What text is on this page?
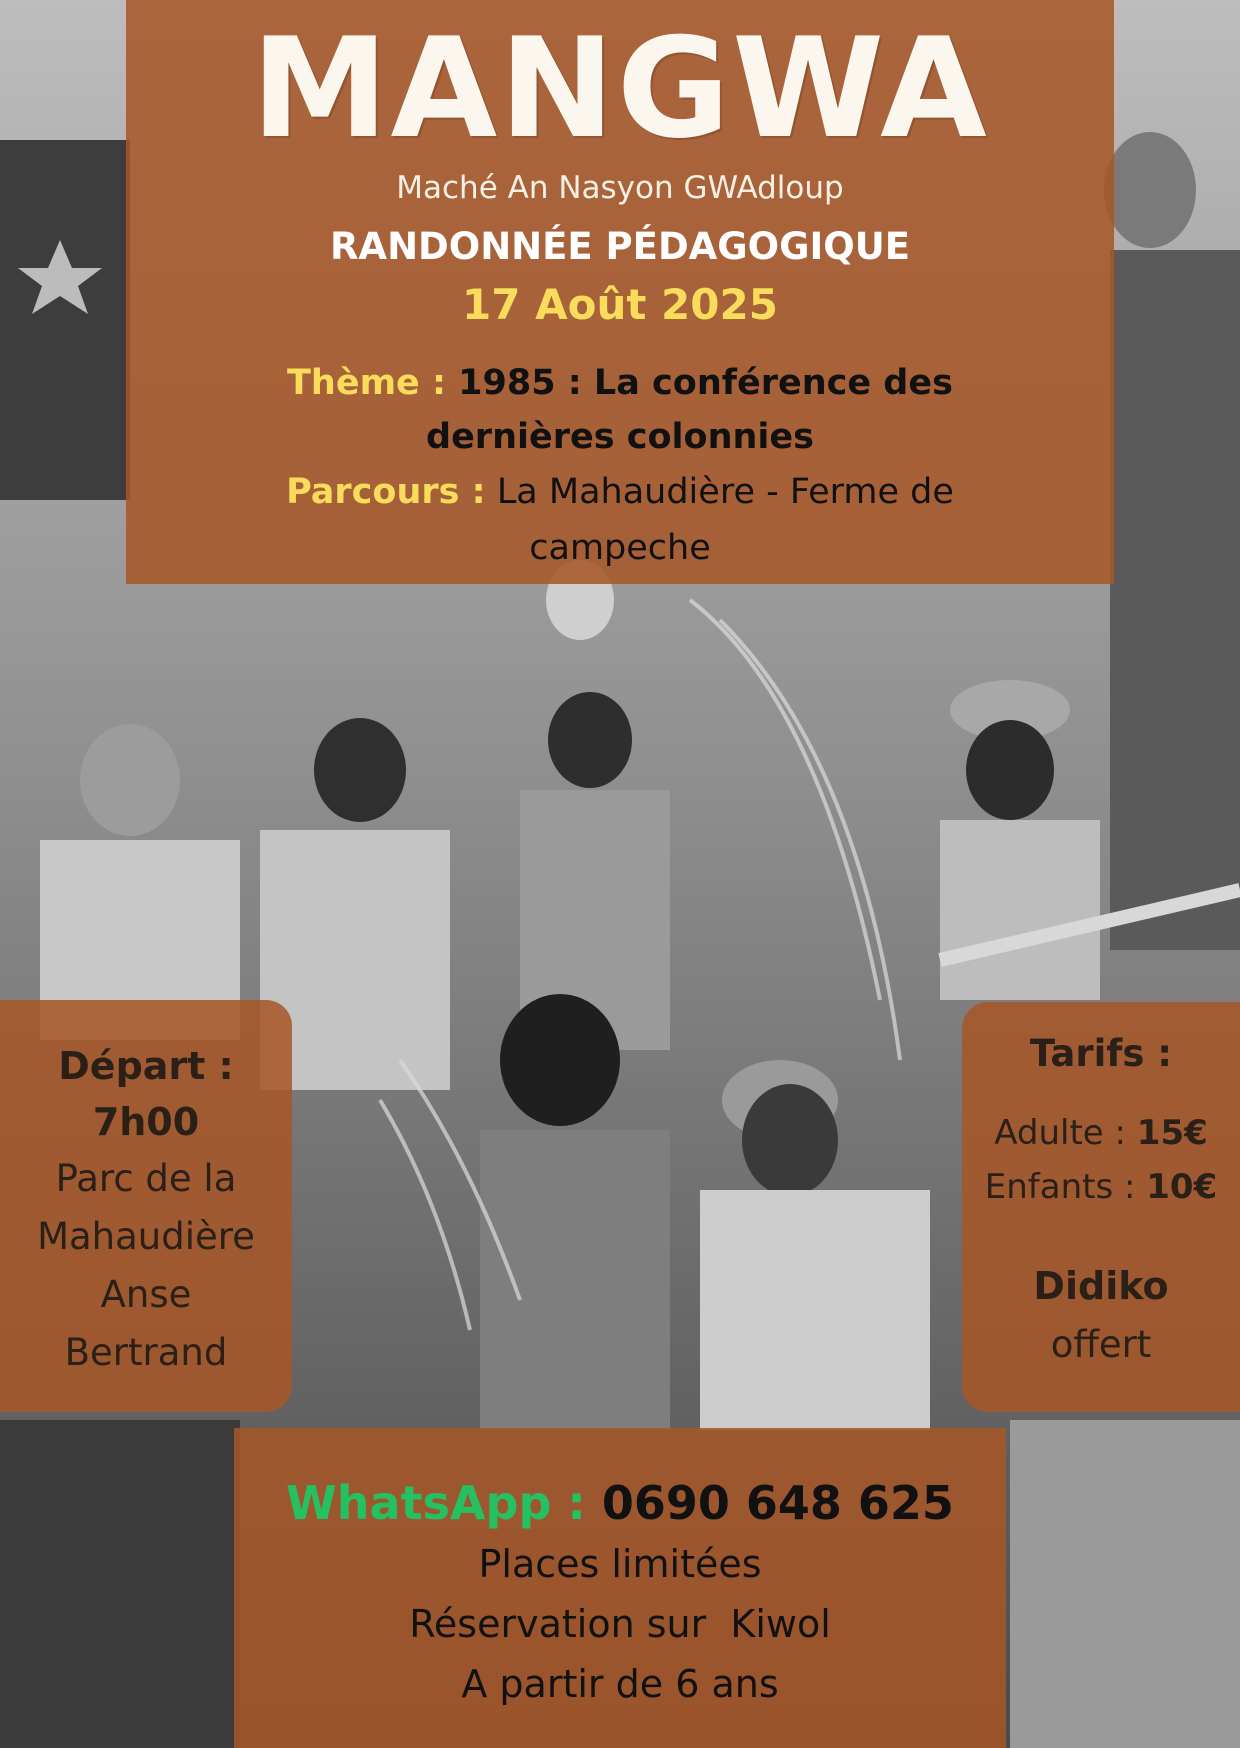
MANGWA
Maché An Nasyon GWAdloup
RANDONNÉE PÉDAGOGIQUE
17 Août 2025
Thème : 1985 : La conférence des dernières colonnies
Parcours : La Mahaudière - Ferme de campeche
Départ :
7h00
Parc de la
Mahaudière
Anse
Bertrand
Tarifs :
Adulte : 15€
Enfants : 10€
Didiko
offert
WhatsApp : 0690 648 625
Places limitées
Réservation sur  Kiwol
A partir de 6 ans
